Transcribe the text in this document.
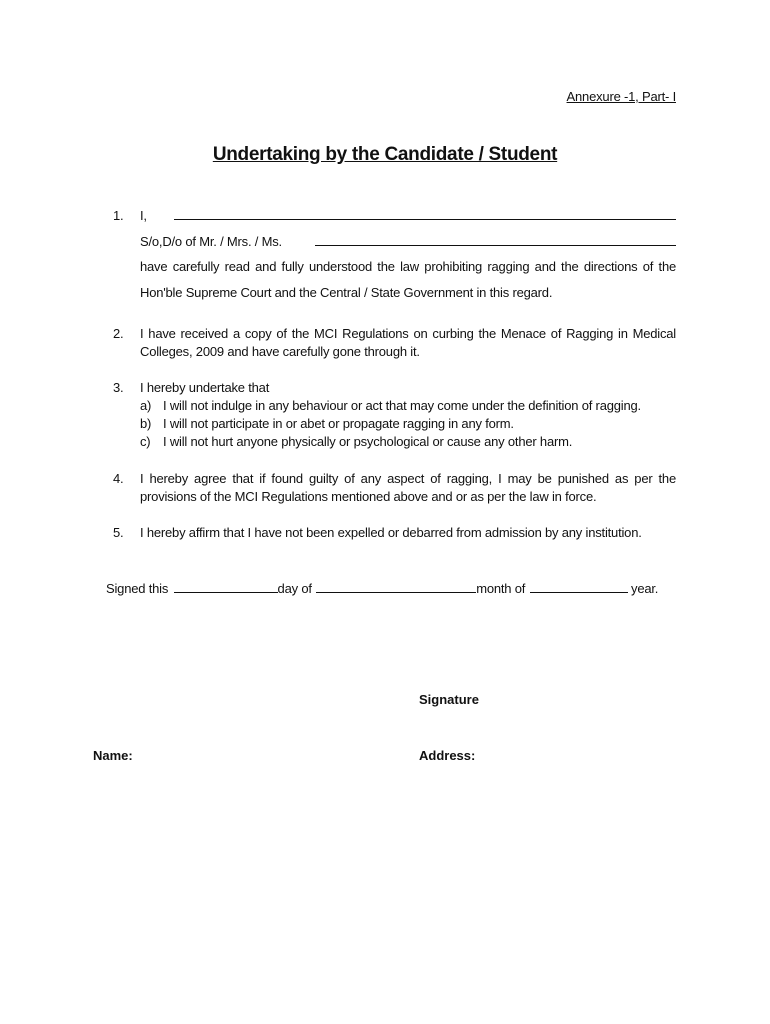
Annexure -1, Part- I
Undertaking by the Candidate / Student
1. I,
S/o,D/o of Mr. / Mrs. / Ms.
have carefully read and fully understood the law prohibiting ragging and the directions of the
Hon'ble Supreme Court and the Central / State Government in this regard.
2. I have received a copy of the MCI Regulations on curbing the Menace of Ragging in Medical
Colleges, 2009 and have carefully gone through it.
3. I hereby undertake that
a) I will not indulge in any behaviour or act that may come under the definition of ragging.
b) I will not participate in or abet or propagate ragging in any form.
c) I will not hurt anyone physically or psychological or cause any other harm.
4. I hereby agree that if found guilty of any aspect of ragging, I may be punished as per the
provisions of the MCI Regulations mentioned above and or as per the law in force.
5. I hereby affirm that I have not been expelled or debarred from admission by any institution.
Signed this	day of	month of	year.
Signature
Name:	Address:
